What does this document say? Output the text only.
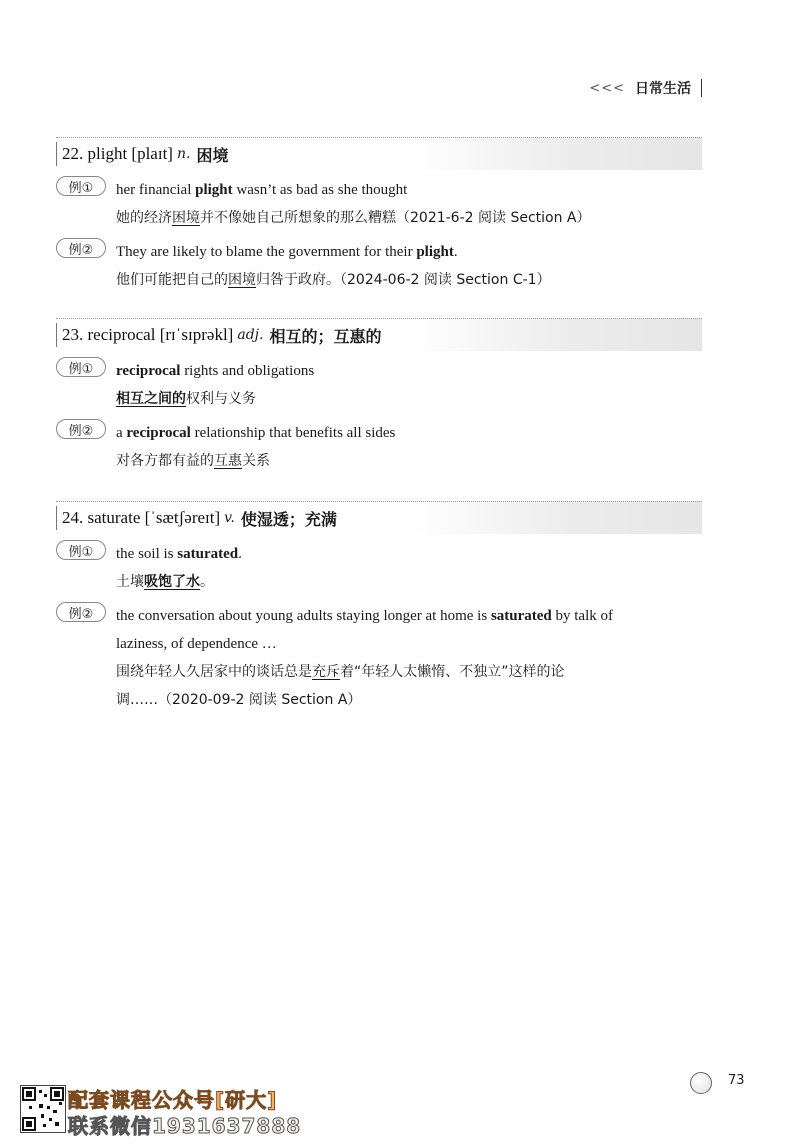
<<< 日常生活
22. plight [plaɪt] n. 困境
例①	her financial plight wasn’t as bad as she thought
她的经济困境并不像她自己所想象的那么糟糕（2021-6-2 阅读 Section A）
例②	They are likely to blame the government for their plight.
他们可能把自己的困境归咎于政府。（2024-06-2 阅读 Section C-1）
23. reciprocal [rɪˈsɪprəkl] adj. 相互的；互惠的
例①	reciprocal rights and obligations
相互之间的权利与义务
例②	a reciprocal relationship that benefits all sides
对各方都有益的互惠关系
24. saturate [ˈsætʃəreɪt] v. 使湿透；充满
例①	the soil is saturated.
土壤吸饱了水。
例②	the conversation about young adults staying longer at home is saturated by talk of
laziness, of dependence …
围绕年轻人久居家中的谈话总是充斥着“年轻人太懒惰、不独立”这样的论
调……（2020-09-2 阅读 Section A）
73
配套课程公众号[研大]
联系微信1931637888
